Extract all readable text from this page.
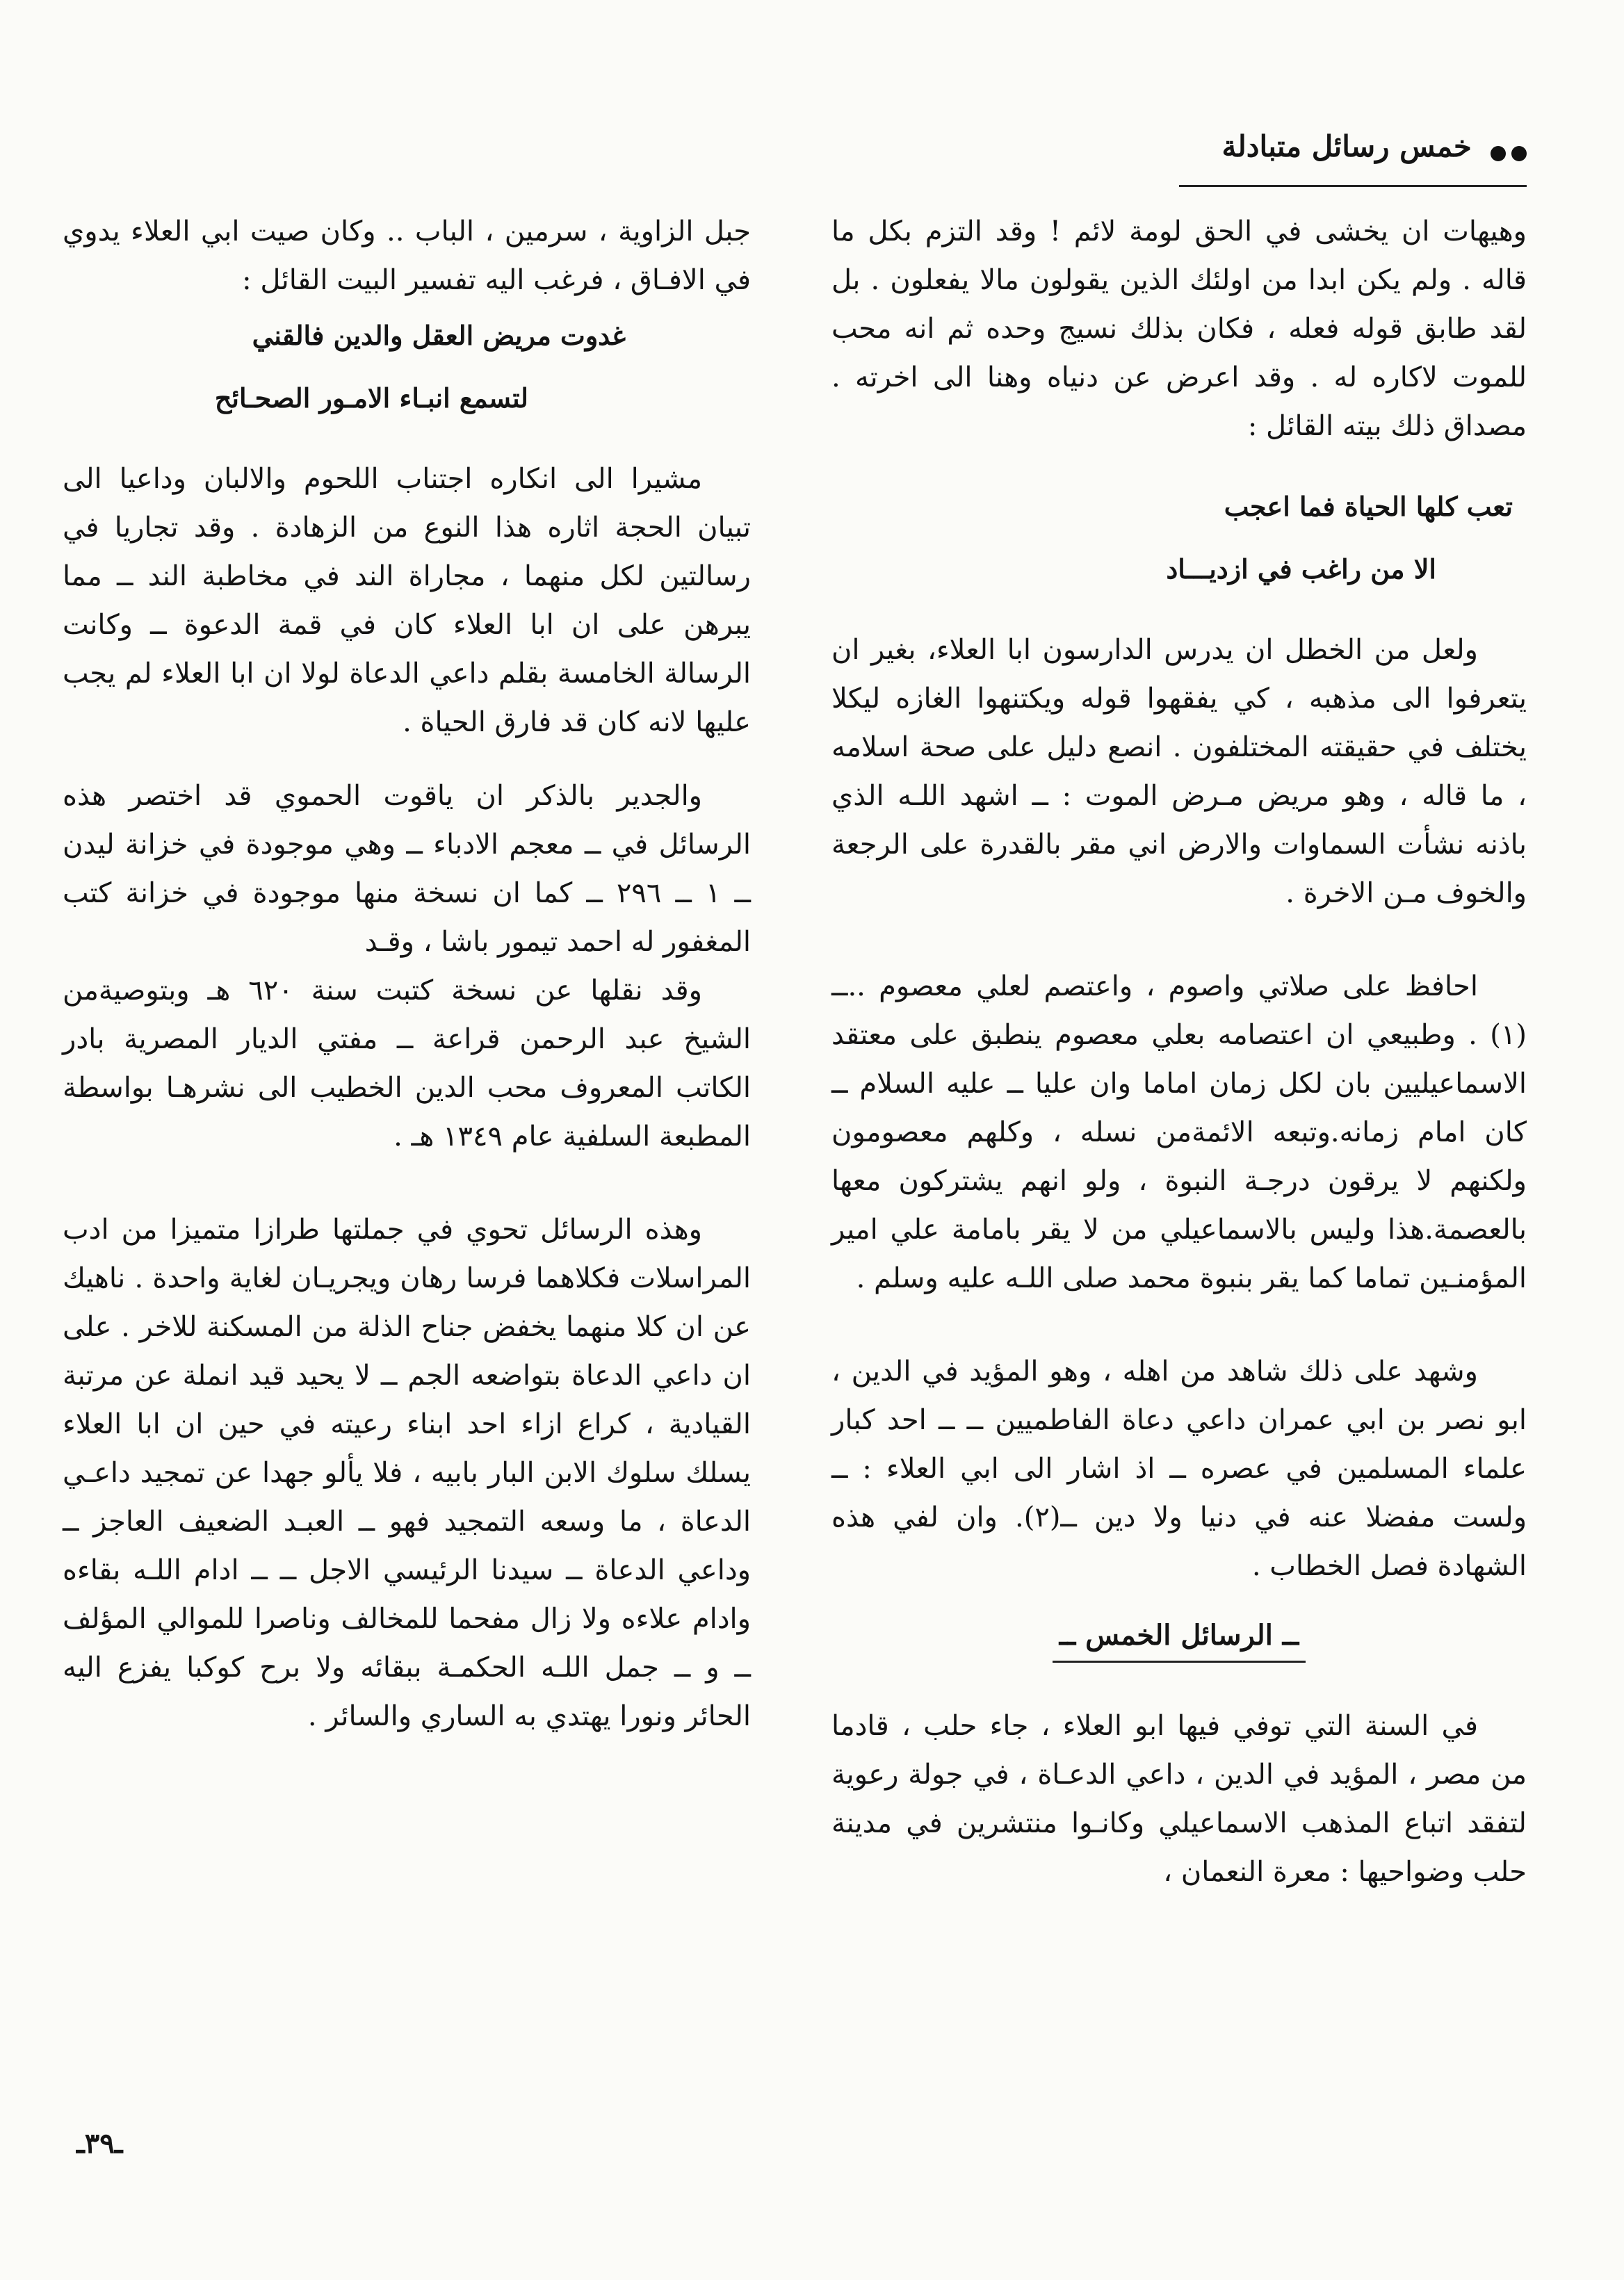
خمس رسائل متبادلة

وهيهات ان يخشى في الحق لومة لائم ! وقد التزم بكل ما قاله . ولم يكن ابدا من اولئك الذين يقولون مالا يفعلون . بل لقد طابق قوله فعله ، فكان بذلك نسيج وحده ثم انه محب للموت لاكاره له . وقد اعرض عن دنياه وهنا الى اخرته . مصداق ذلك بيته القائل :

تعب كلها الحياة فما اعجب
الا من راغب في ازديـــاد

ولعل من الخطل ان يدرس الدارسون ابا العلاء، بغير ان يتعرفوا الى مذهبه ، كي يفقهوا قوله ويكتنهوا الغازه ليكلا يختلف في حقيقته المختلفون . انصع دليل على صحة اسلامه ، ما قاله ، وهو مريض مـرض الموت : ــ اشهد اللـه الذي باذنه نشأت السماوات والارض اني مقر بالقدرة على الرجعة والخوف مـن الاخرة .

احافظ على صلاتي واصوم ، واعتصم لعلي معصوم ..ــ (١) . وطبيعي ان اعتصامه بعلي معصوم ينطبق على معتقد الاسماعيليين بان لكل زمان اماما وان عليا ــ عليه السلام ــ كان امام زمانه.وتبعه الائمةمن نسله ، وكلهم معصومون ولكنهم لا يرقون درجـة النبوة ، ولو انهم يشتركون معها بالعصمة.هذا وليس بالاسماعيلي من لا يقر بامامة علي امير المؤمنـين تماما كما يقر بنبوة محمد صلى اللـه عليه وسلم .

وشهد على ذلك شاهد من اهله ، وهو المؤيد في الدين ، ابو نصر بن ابي عمران داعي دعاة الفاطميين ــ ــ احد كبار علماء المسلمين في عصره ــ اذ اشار الى ابي العلاء : ــ ولست مفضلا عنه في دنيا ولا دين ــ(٢). وان لفي هذه الشهادة فصل الخطاب .

ــ الرسائل الخمس ــ

في السنة التي توفي فيها ابو العلاء ، جاء حلب ، قادما من مصر ، المؤيد في الدين ، داعي الدعـاة ، في جولة رعوية لتفقد اتباع المذهب الاسماعيلي وكانـوا منتشرين في مدينة حلب وضواحيها : معرة النعمان ،

جبل الزاوية ، سرمين ، الباب .. وكان صيت ابي العلاء يدوي في الافـاق ، فرغب اليه تفسير البيت القائل :

غدوت مريض العقل والدين فالقني
لتسمع انبـاء الامـور الصحـائح

مشيرا الى انكاره اجتناب اللحوم والالبان وداعيا الى تبيان الحجة اثاره هذا النوع من الزهادة . وقد تجاريا في رسالتين لكل منهما ، مجاراة الند في مخاطبة الند ــ مما يبرهن على ان ابا العلاء كان في قمة الدعوة ــ وكانت الرسالة الخامسة بقلم داعي الدعاة لولا ان ابا العلاء لم يجب عليها لانه كان قد فارق الحياة .

والجدير بالذكر ان ياقوت الحموي قد اختصر هذه الرسائل في ــ معجم الادباء ــ وهي موجودة في خزانة ليدن ــ ١ ــ ٢٩٦ ــ كما ان نسخة منها موجودة في خزانة كتب المغفور له احمد تيمور باشا ، وقـد

وقد نقلها عن نسخة كتبت سنة ٦٢٠ هـ وبتوصيةمن الشيخ عبد الرحمن قراعة ــ مفتي الديار المصرية بادر الكاتب المعروف محب الدين الخطيب الى نشرهـا بواسطة المطبعة السلفية عام ١٣٤٩ هـ .

وهذه الرسائل تحوي في جملتها طرازا متميزا من ادب المراسلات فكلاهما فرسا رهان ويجريـان لغاية واحدة . ناهيك عن ان كلا منهما يخفض جناح الذلة من المسكنة للاخر . على ان داعي الدعاة بتواضعه الجم ــ لا يحيد قيد انملة عن مرتبة القيادية ، كراع ازاء احد ابناء رعيته في حين ان ابا العلاء يسلك سلوك الابن البار بابيه ، فلا يألو جهدا عن تمجيد داعـي الدعاة ، ما وسعه التمجيد فهو ــ العبـد الضعيف العاجز ــ وداعي الدعاة ــ سيدنا الرئيسي الاجل ــ ــ ادام اللـه بقاءه وادام علاءه ولا زال مفحما للمخالف وناصرا للموالي المؤلف ــ و ــ جمل اللـه الحكمـة ببقائه ولا برح كوكبا يفزع اليه الحائر ونورا يهتدي به الساري والسائر .

ـ٣٩ـ
